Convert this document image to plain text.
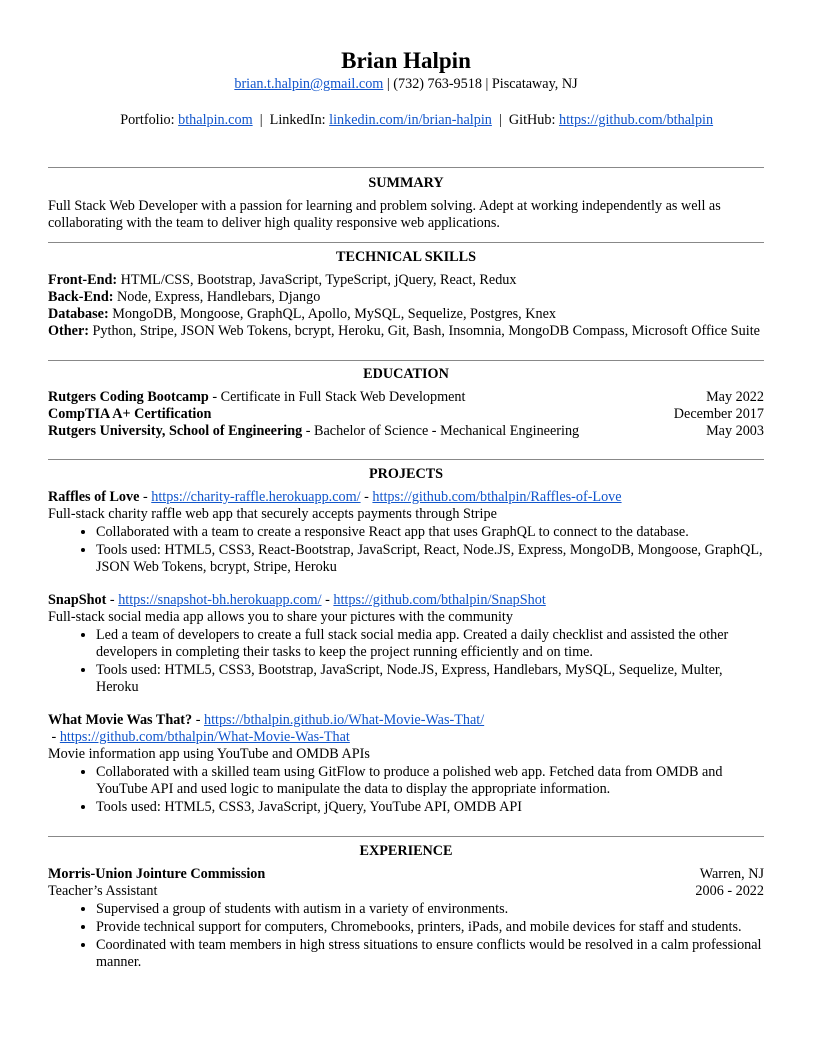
Brian Halpin
brian.t.halpin@gmail.com | (732) 763-9518 | Piscataway, NJ

Portfolio: bthalpin.com  |  LinkedIn: linkedin.com/in/brian-halpin  |  GitHub: https://github.com/bthalpin

SUMMARY

Full Stack Web Developer with a passion for learning and problem solving. Adept at working independently as well as collaborating with the team to deliver high quality responsive web applications.

TECHNICAL SKILLS

Front-End: HTML/CSS, Bootstrap, JavaScript, TypeScript, jQuery, React, Redux

Back-End: Node, Express, Handlebars, Django

Database: MongoDB, Mongoose, GraphQL, Apollo, MySQL, Sequelize, Postgres, Knex

Other: Python, Stripe, JSON Web Tokens, bcrypt, Heroku, Git, Bash, Insomnia, MongoDB Compass, Microsoft Office Suite

EDUCATION
Rutgers Coding Bootcamp - Certificate in Full Stack Web Development	May 2022
CompTIA A+ Certification	December 2017
Rutgers University, School of Engineering - Bachelor of Science - Mechanical Engineering	May 2003
PROJECTS

Raffles of Love - https://charity-raffle.herokuapp.com/ - https://github.com/bthalpin/Raffles-of-Love

Full-stack charity raffle web app that securely accepts payments through Stripe

• Collaborated with a team to create a responsive React app that uses GraphQL to connect to the database.
• Tools used: HTML5, CSS3, React-Bootstrap, JavaScript, React, Node.JS, Express, MongoDB, Mongoose, GraphQL, JSON Web Tokens, bcrypt, Stripe, Heroku

SnapShot - https://snapshot-bh.herokuapp.com/ - https://github.com/bthalpin/SnapShot

Full-stack social media app allows you to share your pictures with the community

• Led a team of developers to create a full stack social media app. Created a daily checklist and assisted the other developers in completing their tasks to keep the project running efficiently and on time.
• Tools used: HTML5, CSS3, Bootstrap, JavaScript, Node.JS, Express, Handlebars, MySQL, Sequelize, Multer, Heroku

What Movie Was That? - https://bthalpin.github.io/What-Movie-Was-That/ - https://github.com/bthalpin/What-Movie-Was-That

Movie information app using YouTube and OMDB APIs

• Collaborated with a skilled team using GitFlow to produce a polished web app. Fetched data from OMDB and YouTube API and used logic to manipulate the data to display the appropriate information.
• Tools used: HTML5, CSS3, JavaScript, jQuery, YouTube API, OMDB API
EXPERIENCE
Morris-Union Jointure Commission	Warren, NJ
Teacher’s Assistant	2006 - 2022
• Supervised a group of students with autism in a variety of environments.
• Provide technical support for computers, Chromebooks, printers, iPads, and mobile devices for staff and students.
• Coordinated with team members in high stress situations to ensure conflicts would be resolved in a calm professional manner.
